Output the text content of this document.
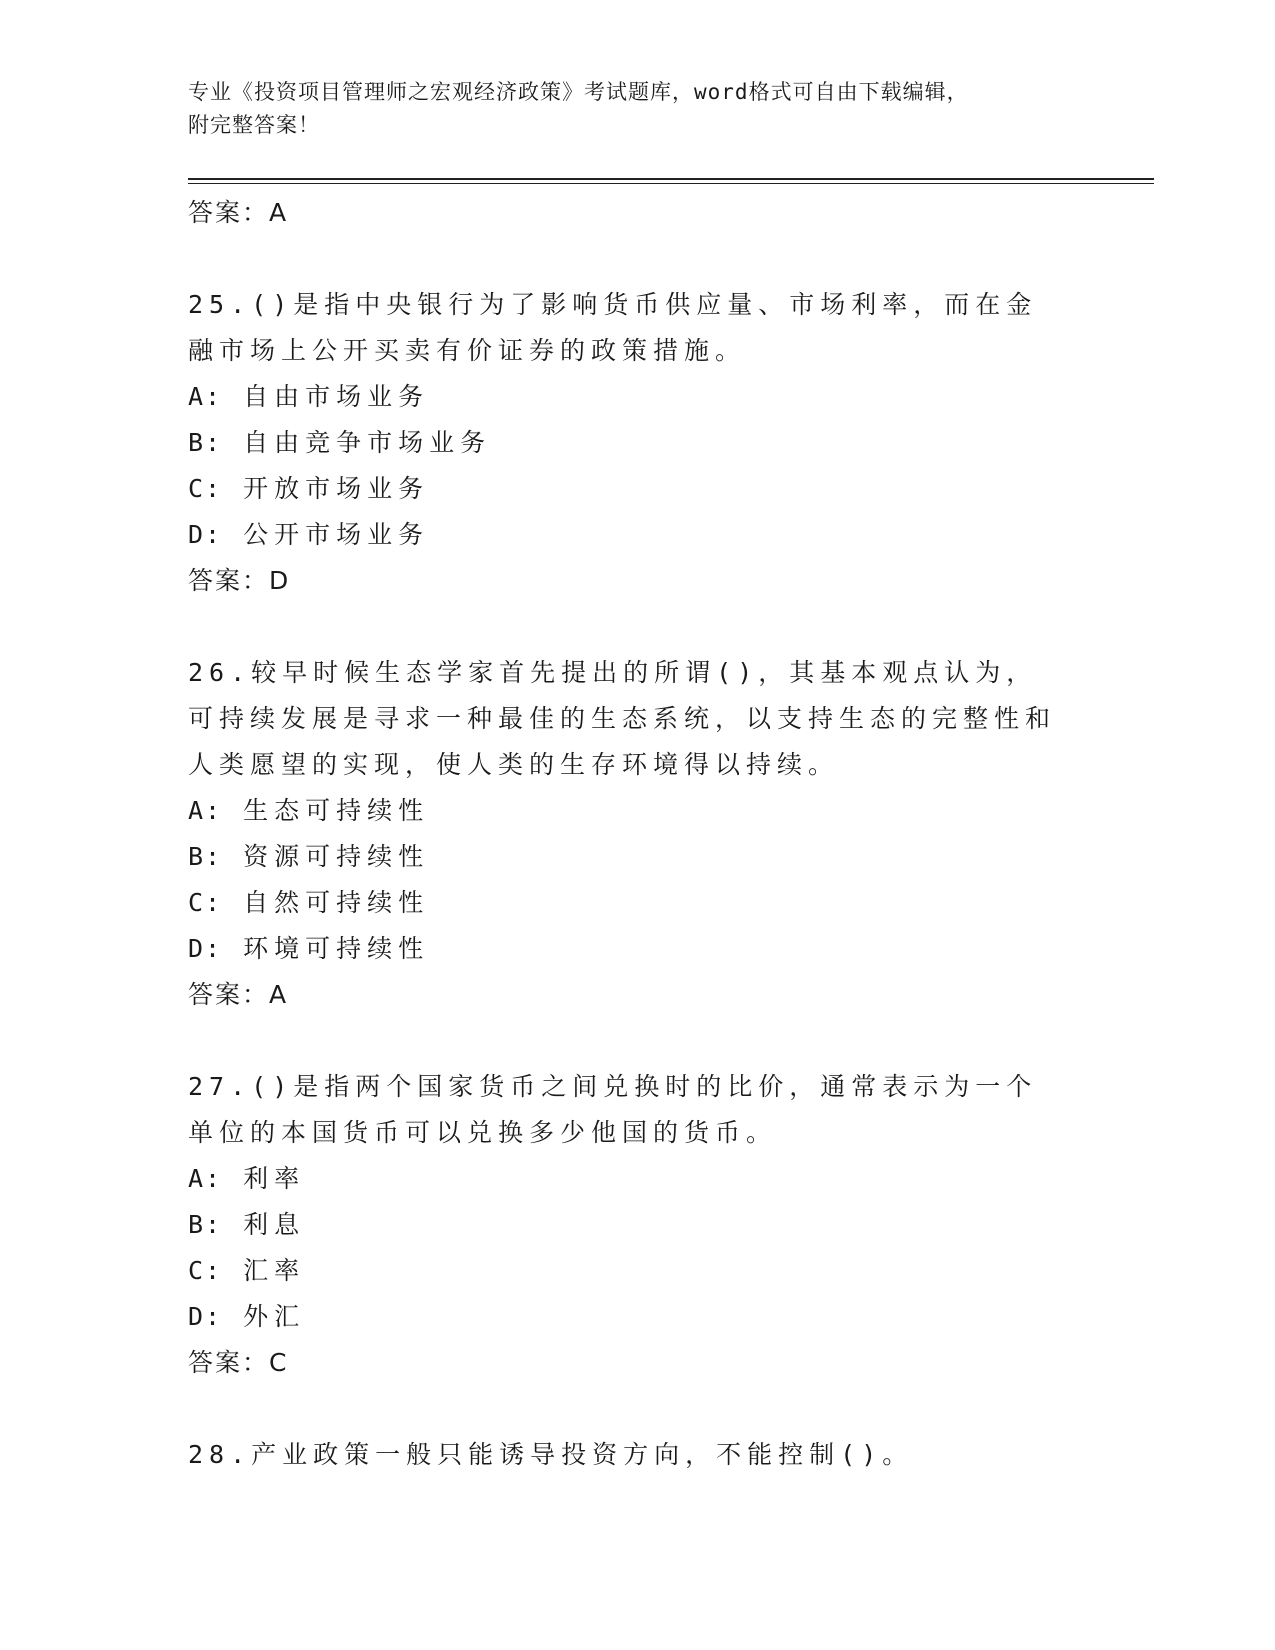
专业《投资项目管理师之宏观经济政策》考试题库，word格式可自由下载编辑，
附完整答案！
答案：A
25.()是指中央银行为了影响货币供应量、市场利率，而在金融市场上公开买卖有价证券的政策措施。
A: 自由市场业务
B: 自由竞争市场业务
C: 开放市场业务
D: 公开市场业务
答案：D
26.较早时候生态学家首先提出的所谓()，其基本观点认为，可持续发展是寻求一种最佳的生态系统，以支持生态的完整性和人类愿望的实现，使人类的生存环境得以持续。
A: 生态可持续性
B: 资源可持续性
C: 自然可持续性
D: 环境可持续性
答案：A
27.()是指两个国家货币之间兑换时的比价，通常表示为一个单位的本国货币可以兑换多少他国的货币。
A: 利率
B: 利息
C: 汇率
D: 外汇
答案：C
28.产业政策一般只能诱导投资方向，不能控制()。
